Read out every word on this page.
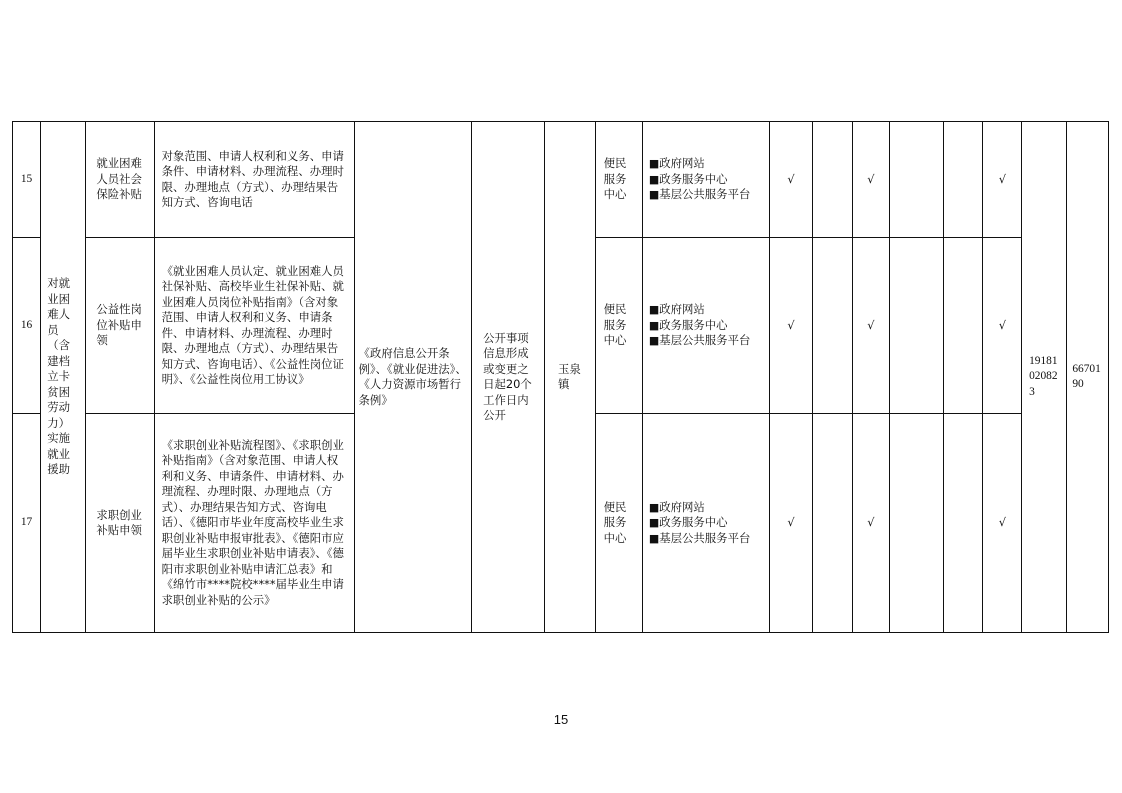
15	对就业困难人员（含建档立卡贫困劳动力）实施就业援助	就业困难人员社会保险补贴	对象范围、申请人权利和义务、申请条件、申请材料、办理流程、办理时限、办理地点（方式）、办理结果告知方式、咨询电话	《政府信息公开条例》、《就业促进法》、《人力资源市场暂行条例》	公开事项信息形成或变更之日起20个工作日内公开	玉泉镇	便民服务中心	■政府网站
■政务服务中心
■基层公共服务平台	√		√			√	19181020823	6670190

16		公益性岗位补贴申领	《就业困难人员认定、就业困难人员社保补贴、高校毕业生社保补贴、就业困难人员岗位补贴指南》（含对象范围、申请人权利和义务、申请条件、申请材料、办理流程、办理时限、办理地点（方式）、办理结果告知方式、咨询电话）、《公益性岗位证明》、《公益性岗位用工协议》				便民服务中心	■政府网站
■政务服务中心
■基层公共服务平台	√		√			√		
17		求职创业补贴申领	《求职创业补贴流程图》、《求职创业补贴指南》（含对象范围、申请人权利和义务、申请条件、申请材料、办理流程、办理时限、办理地点（方式）、办理结果告知方式、咨询电话）、《德阳市毕业年度高校毕业生求职创业补贴申报审批表》、《德阳市应届毕业生求职创业补贴申请表》、《德阳市求职创业补贴申请汇总表》和《绵竹市****院校****届毕业生申请求职创业补贴的公示》				便民服务中心	■政府网站
■政务服务中心
■基层公共服务平台	√		√			√		
15
